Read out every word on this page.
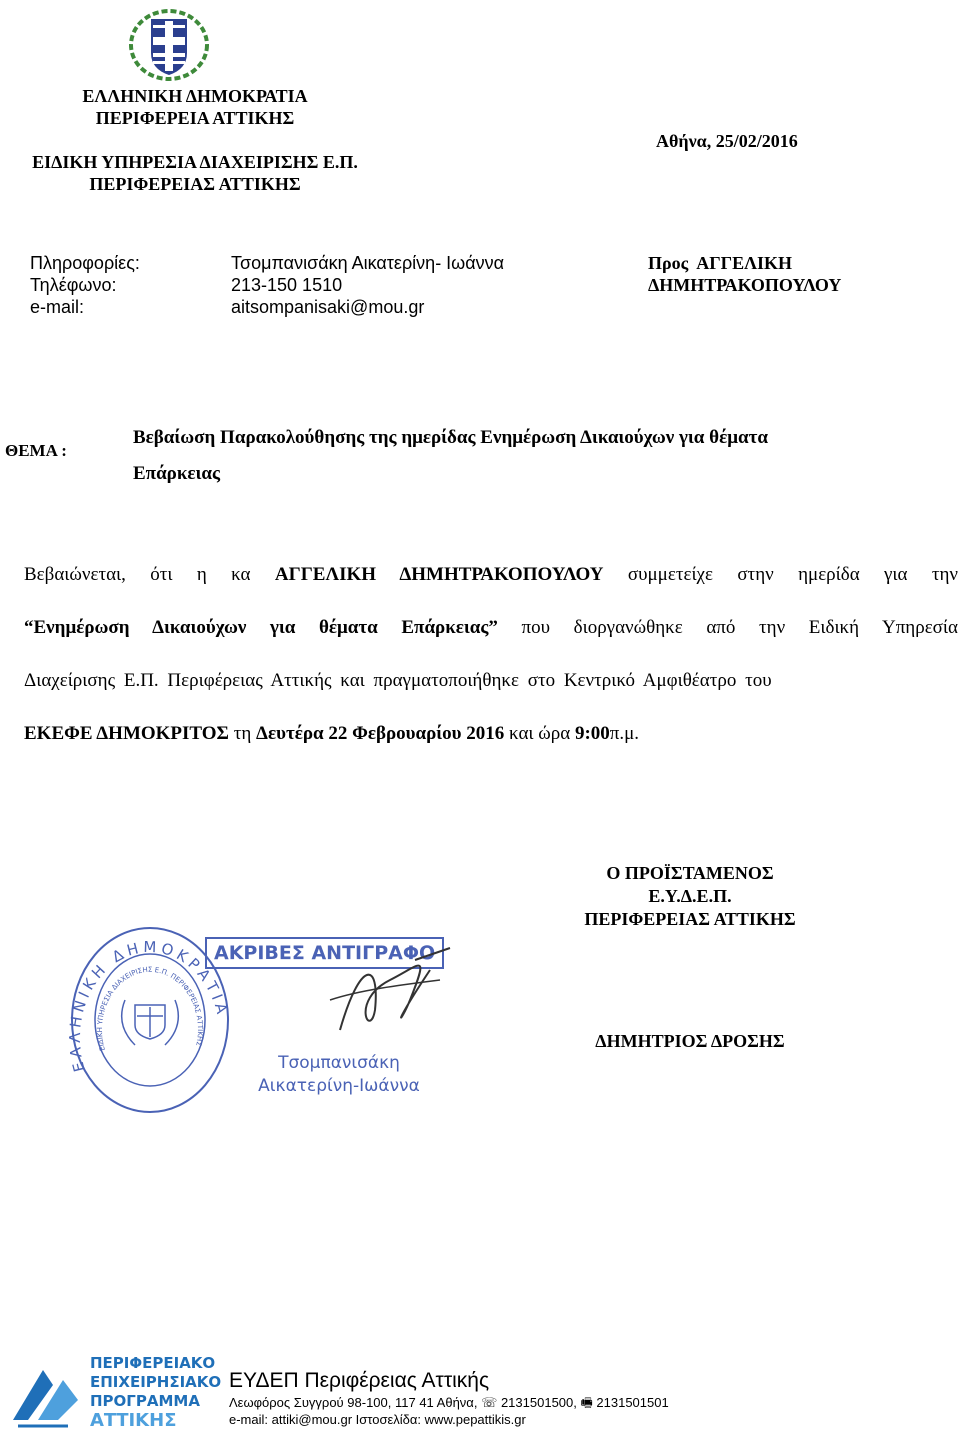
ΕΛΛΗΝΙΚΗ ΔΗΜΟΚΡΑΤΙΑ
ΠΕΡΙΦΕΡΕΙΑ ΑΤΤΙΚΗΣ
ΕΙΔΙΚΗ ΥΠΗΡΕΣΙΑ ΔΙΑΧΕΙΡΙΣΗΣ Ε.Π.
ΠΕΡΙΦΕΡΕΙΑΣ ΑΤΤΙΚΗΣ
Αθήνα, 25/02/2016
Πληροφορίες:	Τσομπανισάκη Αικατερίνη- Ιωάννα
Τηλέφωνο:	213-150 1510
e-mail:	aitsompanisaki@mou.gr
Προς  ΑΓΓΕΛΙΚΗ
ΔΗΜΗΤΡΑΚΟΠΟΥΛΟΥ
ΘΕΜΑ :
Βεβαίωση Παρακολούθησης της ημερίδας Ενημέρωση Δικαιούχων για θέματα
Επάρκειας
Βεβαιώνεται, ότι η κα ΑΓΓΕΛΙΚΗ ΔΗΜΗΤΡΑΚΟΠΟΥΛΟΥ συμμετείχε στην ημερίδα για την
“Ενημέρωση Δικαιούχων για θέματα Επάρκειας” που διοργανώθηκε από την Ειδική Υπηρεσία
Διαχείρισης Ε.Π. Περιφέρειας Αττικής και πραγματοποιήθηκε στο Κεντρικό Αμφιθέατρο του
ΕΚΕΦΕ ΔΗΜΟΚΡΙΤΟΣ τη Δευτέρα 22 Φεβρουαρίου 2016 και ώρα 9:00π.μ.
Ο ΠΡΟΪΣΤΑΜΕΝΟΣ
Ε.Υ.Δ.Ε.Π.
ΠΕΡΙΦΕΡΕΙΑΣ ΑΤΤΙΚΗΣ
ΔΗΜΗΤΡΙΟΣ ΔΡΟΣΗΣ
ΕΛΛΗΝΙΚΗ ΔΗΜΟΚΡΑΤΙΑ
ΕΙΔΙΚΗ ΥΠΗΡΕΣΙΑ ΔΙΑΧΕΙΡΙΣΗΣ Ε.Π. ΠΕΡΙΦΕΡΕΙΑΣ ΑΤΤΙΚΗΣ
ΑΚΡΙΒΕΣ ΑΝΤΙΓΡΑΦΟ
Τσομπανισάκη
Αικατερίνη-Ιωάννα
ΠΕΡΙΦΕΡΕΙΑΚΟ
ΕΠΙΧΕΙΡΗΣΙΑΚΟ
ΠΡΟΓΡΑΜΜΑ
ΑΤΤΙΚΗΣ
ΕΥΔΕΠ Περιφέρειας Αττικής
Λεωφόρος Συγγρού 98-100, 117 41 Αθήνα, ☏ 2131501500, 🖷 2131501501
e-mail: attiki@mou.gr Ιστοσελίδα: www.pepattikis.gr
